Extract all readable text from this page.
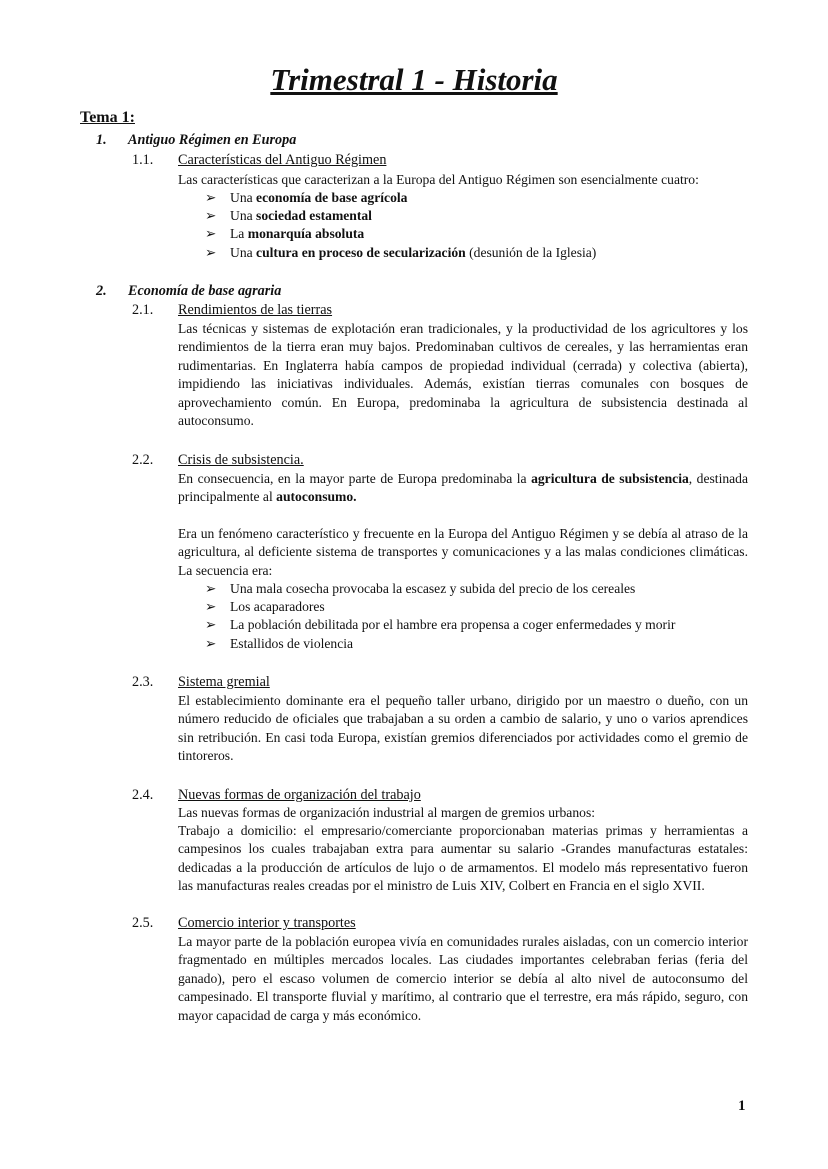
Trimestral 1 - Historia
Tema 1:
1. Antiguo Régimen en Europa
1.1. Características del Antiguo Régimen
Las características que caracterizan a la Europa del Antiguo Régimen son esencialmente cuatro:
➢ Una economía de base agrícola
➢ Una sociedad estamental
➢ La monarquía absoluta
➢ Una cultura en proceso de secularización (desunión de la Iglesia)
2. Economía de base agraria
2.1. Rendimientos de las tierras
Las técnicas y sistemas de explotación eran tradicionales, y la productividad de los agricultores y los rendimientos de la tierra eran muy bajos. Predominaban cultivos de cereales, y las herramientas eran rudimentarias. En Inglaterra había campos de propiedad individual (cerrada) y colectiva (abierta), impidiendo las iniciativas individuales. Además, existían tierras comunales con bosques de aprovechamiento común. En Europa, predominaba la agricultura de subsistencia destinada al autoconsumo.
2.2. Crisis de subsistencia.
En consecuencia, en la mayor parte de Europa predominaba la agricultura de subsistencia, destinada principalmente al autoconsumo.
Era un fenómeno característico y frecuente en la Europa del Antiguo Régimen y se debía al atraso de la agricultura, al deficiente sistema de transportes y comunicaciones y a las malas condiciones climáticas. La secuencia era:
➢ Una mala cosecha provocaba la escasez y subida del precio de los cereales
➢ Los acaparadores
➢ La población debilitada por el hambre era propensa a coger enfermedades y morir
➢ Estallidos de violencia
2.3. Sistema gremial
El establecimiento dominante era el pequeño taller urbano, dirigido por un maestro o dueño, con un número reducido de oficiales que trabajaban a su orden a cambio de salario, y uno o varios aprendices sin retribución. En casi toda Europa, existían gremios diferenciados por actividades como el gremio de tintoreros.
2.4. Nuevas formas de organización del trabajo
Las nuevas formas de organización industrial al margen de gremios urbanos:
Trabajo a domicilio: el empresario/comerciante proporcionaban materias primas y herramientas a campesinos los cuales trabajaban extra para aumentar su salario -Grandes manufacturas estatales: dedicadas a la producción de artículos de lujo o de armamentos. El modelo más representativo fueron las manufacturas reales creadas por el ministro de Luis XIV, Colbert en Francia en el siglo XVII.
2.5. Comercio interior y transportes
La mayor parte de la población europea vivía en comunidades rurales aisladas, con un comercio interior fragmentado en múltiples mercados locales. Las ciudades importantes celebraban ferias (feria del ganado), pero el escaso volumen de comercio interior se debía al alto nivel de autoconsumo del campesinado. El transporte fluvial y marítimo, al contrario que el terrestre, era más rápido, seguro, con mayor capacidad de carga y más económico.
1
